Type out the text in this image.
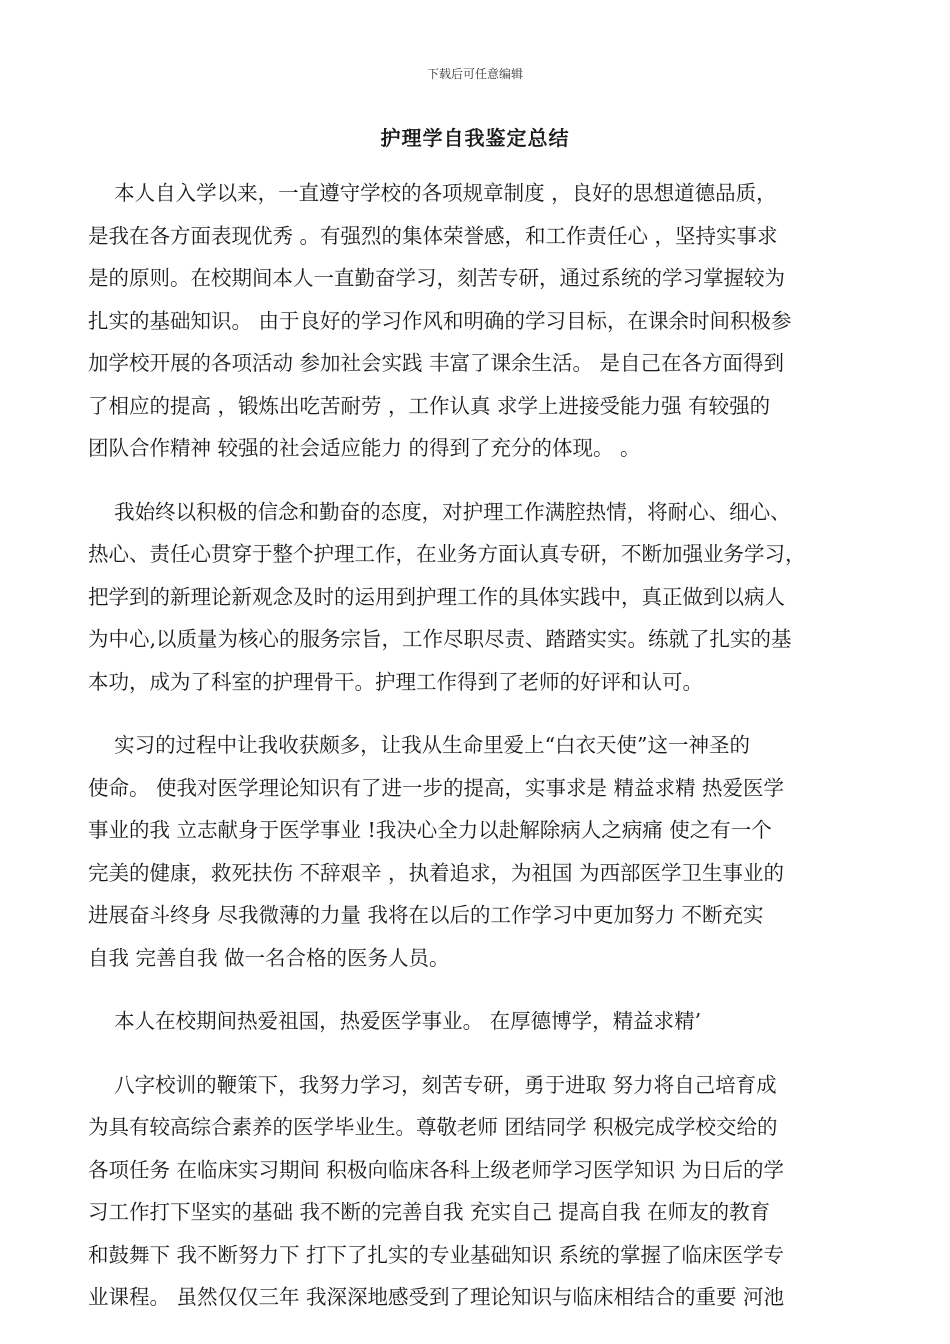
下载后可任意编辑
护理学自我鉴定总结
本人自入学以来，一直遵守学校的各项规章制度 ，良好的思想道德品质，
是我在各方面表现优秀 。有强烈的集体荣誉感，和工作责任心 ，坚持实事求
是的原则。在校期间本人一直勤奋学习，刻苦专研，通过系统的学习掌握较为
扎实的基础知识。 由于良好的学习作风和明确的学习目标，在课余时间积极参
加学校开展的各项活动 参加社会实践 丰富了课余生活。 是自己在各方面得到
了相应的提高 ，锻炼出吃苦耐劳 ，工作认真 求学上进接受能力强 有较强的
团队合作精神 较强的社会适应能力 的得到了充分的体现。 。
我始终以积极的信念和勤奋的态度，对护理工作满腔热情，将耐心、细心、
热心、责任心贯穿于整个护理工作，在业务方面认真专研，不断加强业务学习，
把学到的新理论新观念及时的运用到护理工作的具体实践中，真正做到以病人
为中心,以质量为核心的服务宗旨，工作尽职尽责、踏踏实实。练就了扎实的基
本功，成为了科室的护理骨干。护理工作得到了老师的好评和认可。
实习的过程中让我收获颇多，让我从生命里爱上“白衣天使”这一神圣的
使命。 使我对医学理论知识有了进一步的提高，实事求是 精益求精 热爱医学
事业的我 立志献身于医学事业 !我决心全力以赴解除病人之病痛 使之有一个
完美的健康，救死扶伤 不辞艰辛 ，执着追求，为祖国 为西部医学卫生事业的
进展奋斗终身 尽我微薄的力量 我将在以后的工作学习中更加努力 不断充实
自我 完善自我 做一名合格的医务人员。
本人在校期间热爱祖国，热爱医学事业。 在厚德博学，精益求精’
八字校训的鞭策下，我努力学习，刻苦专研，勇于进取 努力将自己培育成
为具有较高综合素养的医学毕业生。尊敬老师 团结同学 积极完成学校交给的
各项任务 在临床实习期间 积极向临床各科上级老师学习医学知识 为日后的学
习工作打下坚实的基础 我不断的完善自我 充实自己 提高自我 在师友的教育
和鼓舞下 我不断努力下 打下了扎实的专业基础知识 系统的掌握了临床医学专
业课程。 虽然仅仅三年 我深深地感受到了理论知识与临床相结合的重要 河池
